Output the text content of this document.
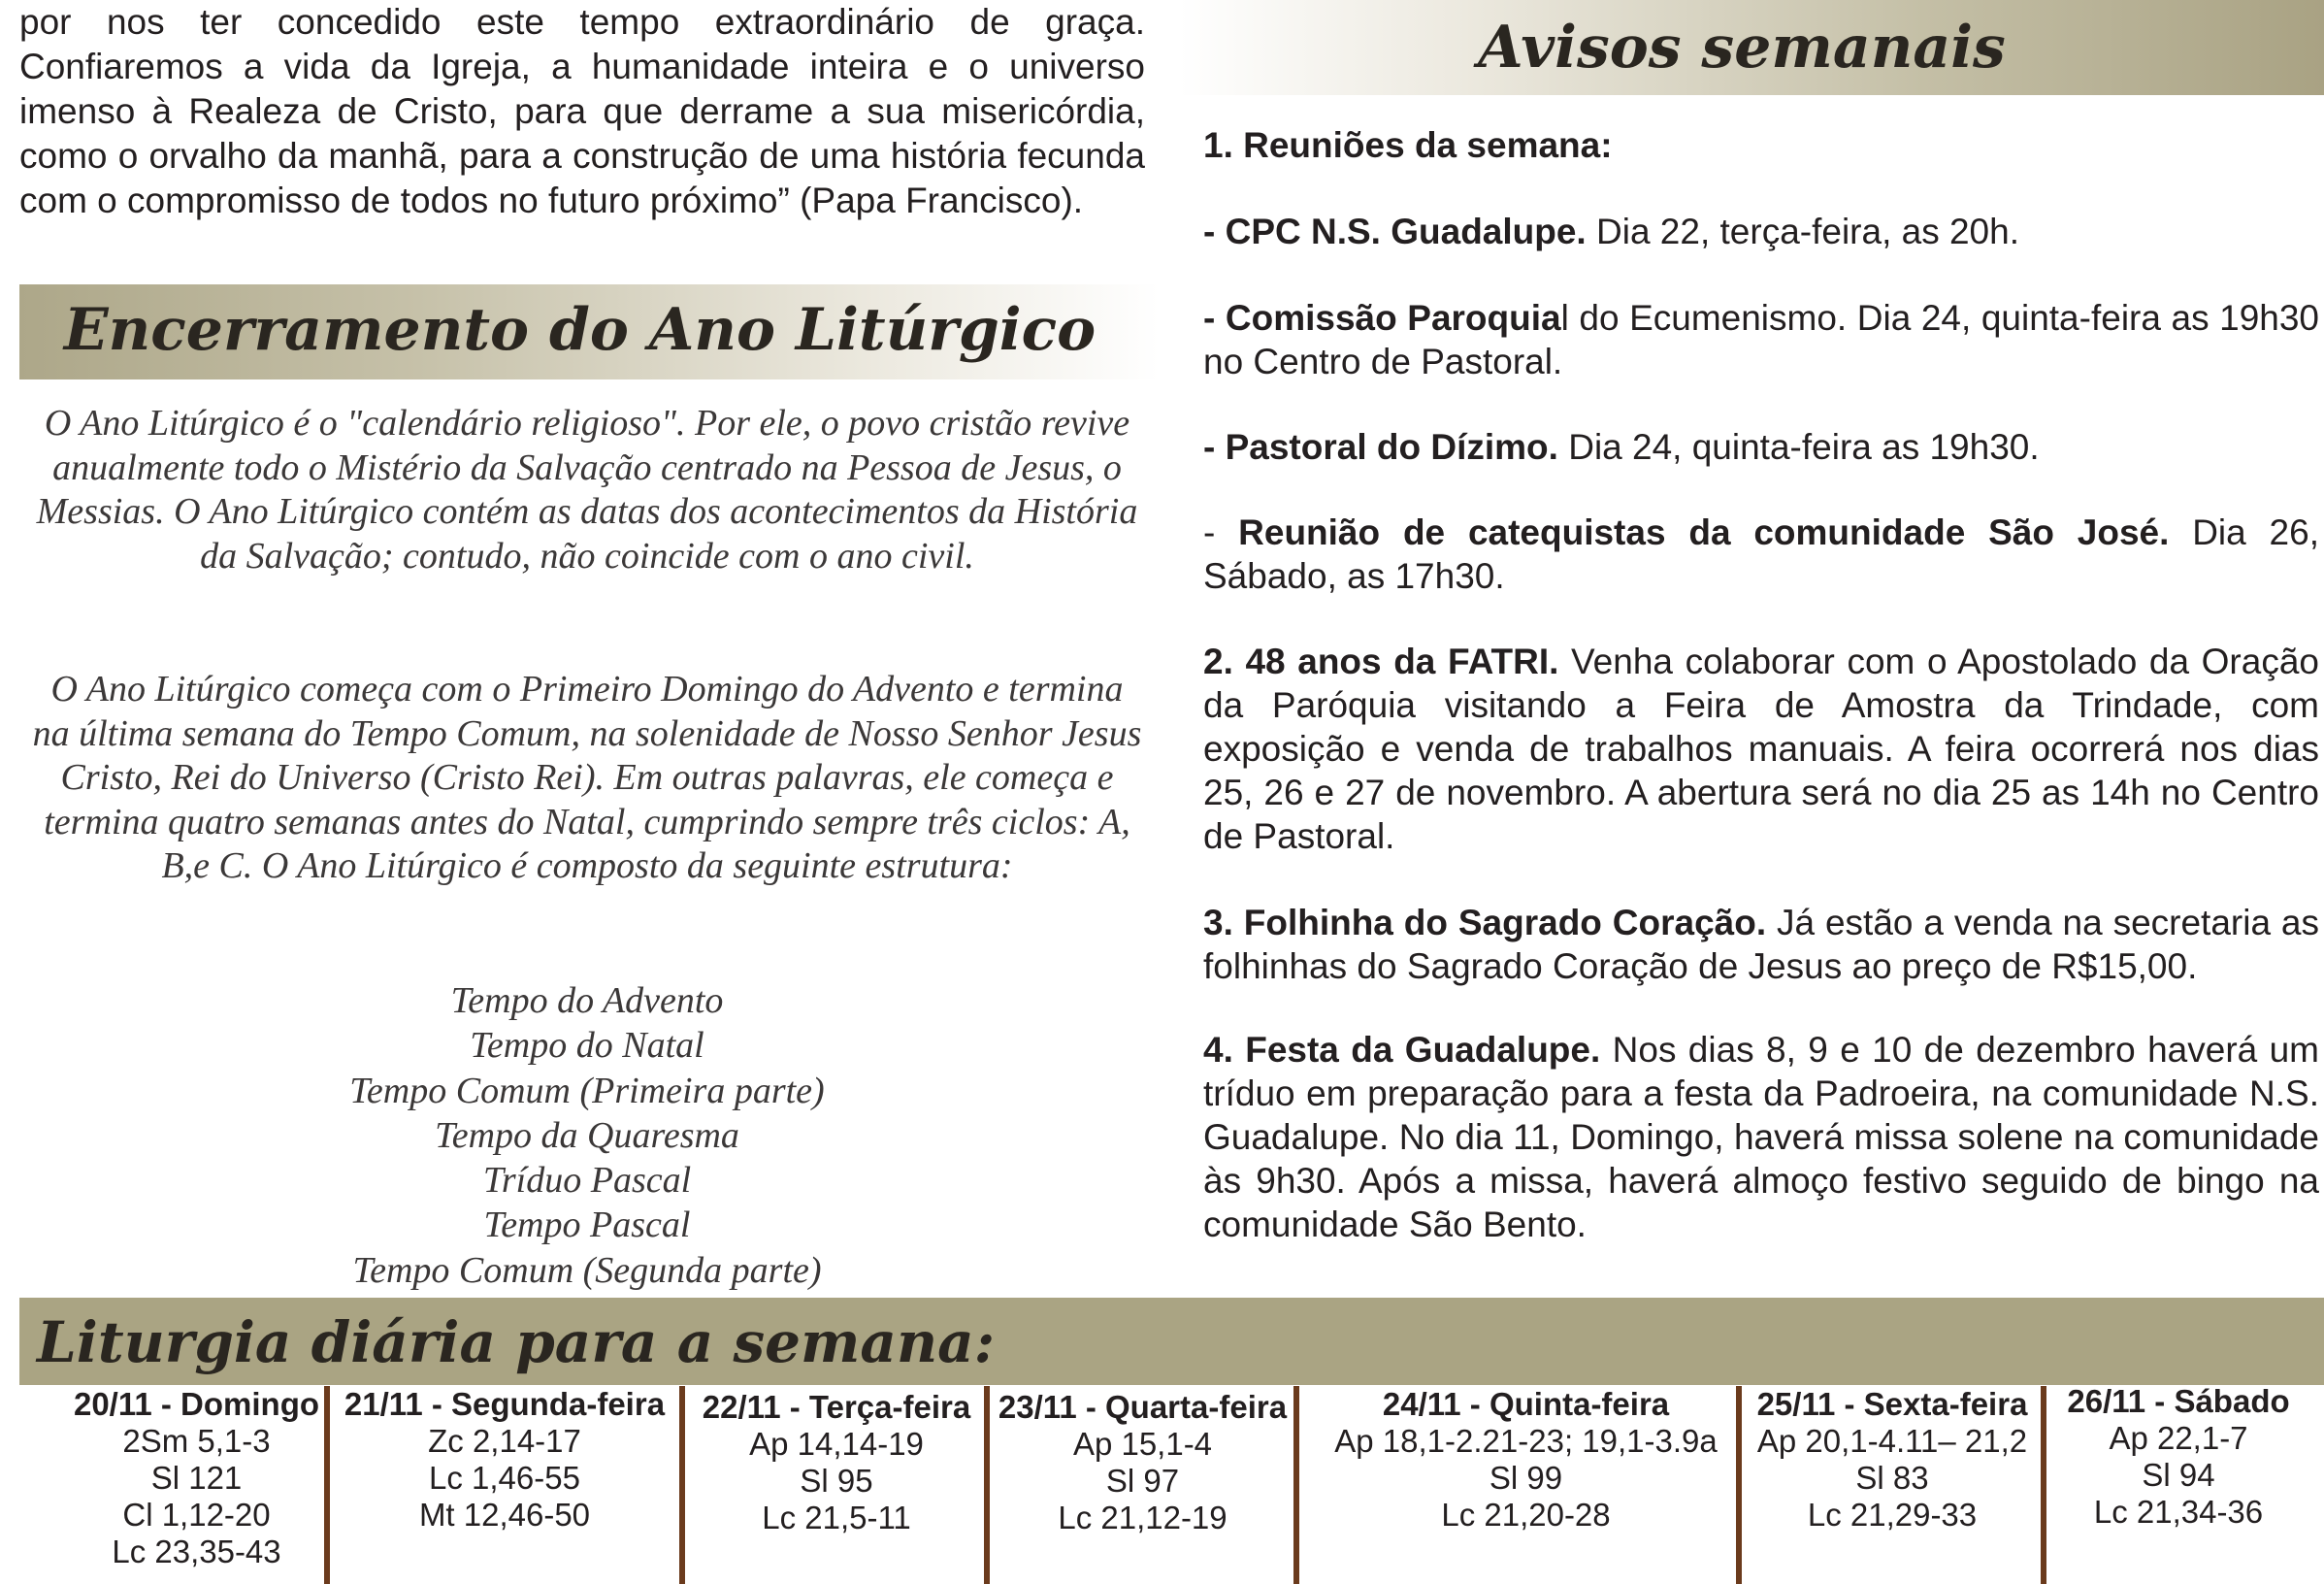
por nos ter concedido este tempo extraordinário de graça. Confiaremos a vida da Igreja, a humanidade inteira e o universo imenso à Realeza de Cristo, para que derrame a sua misericórdia, como o orvalho da manhã, para a construção de uma história fecunda com o compromisso de todos no futuro próximo” (Papa Francisco).
Encerramento do Ano Litúrgico
O Ano Litúrgico é o "calendário religioso". Por ele, o povo cristão revive anualmente todo o Mistério da Salvação centrado na Pessoa de Jesus, o Messias. O Ano Litúrgico contém as datas dos acontecimentos da História da Salvação; contudo, não coincide com o ano civil.
O Ano Litúrgico começa com o Primeiro Domingo do Advento e termina na última semana do Tempo Comum, na solenidade de Nosso Senhor Jesus Cristo, Rei do Universo (Cristo Rei). Em outras palavras, ele começa e termina quatro semanas antes do Natal, cumprindo sempre três ciclos: A, B,e C. O Ano Litúrgico é composto da seguinte estrutura:
Tempo do Advento
Tempo do Natal
Tempo Comum (Primeira parte)
Tempo da Quaresma
Tríduo Pascal
Tempo Pascal
Tempo Comum (Segunda parte)
Avisos semanais
1. Reuniões da semana:
- CPC N.S. Guadalupe. Dia 22, terça-feira, as 20h.
- Comissão Paroquial do Ecumenismo. Dia 24, quinta-feira as 19h30 no Centro de Pastoral.
- Pastoral do Dízimo. Dia 24, quinta-feira as 19h30.
- Reunião de catequistas da comunidade São José. Dia 26, Sábado, as 17h30.
2. 48 anos da FATRI. Venha colaborar com o Apostolado da Oração da Paróquia visitando a Feira de Amostra da Trindade, com exposição e venda de trabalhos manuais. A feira ocorrerá nos dias 25, 26 e 27 de novembro. A abertura será no dia 25 as 14h no Centro de Pastoral.
3. Folhinha do Sagrado Coração. Já estão a venda na secretaria as folhinhas do Sagrado Coração de Jesus ao preço de R$15,00.
4. Festa da Guadalupe. Nos dias 8, 9 e 10 de dezembro haverá um tríduo em preparação para a festa da Padroeira, na comunidade N.S. Guadalupe. No dia 11, Domingo, haverá missa solene na comunidade às 9h30. Após a missa, haverá almoço festivo seguido de bingo na comunidade São Bento.
Liturgia diária para a semana:
20/11 - Domingo
2Sm 5,1-3
Sl 121
Cl 1,12-20
Lc 23,35-43
21/11 - Segunda-feira
Zc 2,14-17
Lc 1,46-55
Mt 12,46-50
22/11 - Terça-feira
Ap 14,14-19
Sl 95
Lc 21,5-11
23/11 - Quarta-feira
Ap 15,1-4
Sl 97
Lc 21,12-19
24/11 - Quinta-feira
Ap 18,1-2.21-23; 19,1-3.9a
Sl 99
Lc 21,20-28
25/11 - Sexta-feira
Ap 20,1-4.11– 21,2
Sl 83
Lc 21,29-33
26/11 - Sábado
Ap 22,1-7
Sl 94
Lc 21,34-36
